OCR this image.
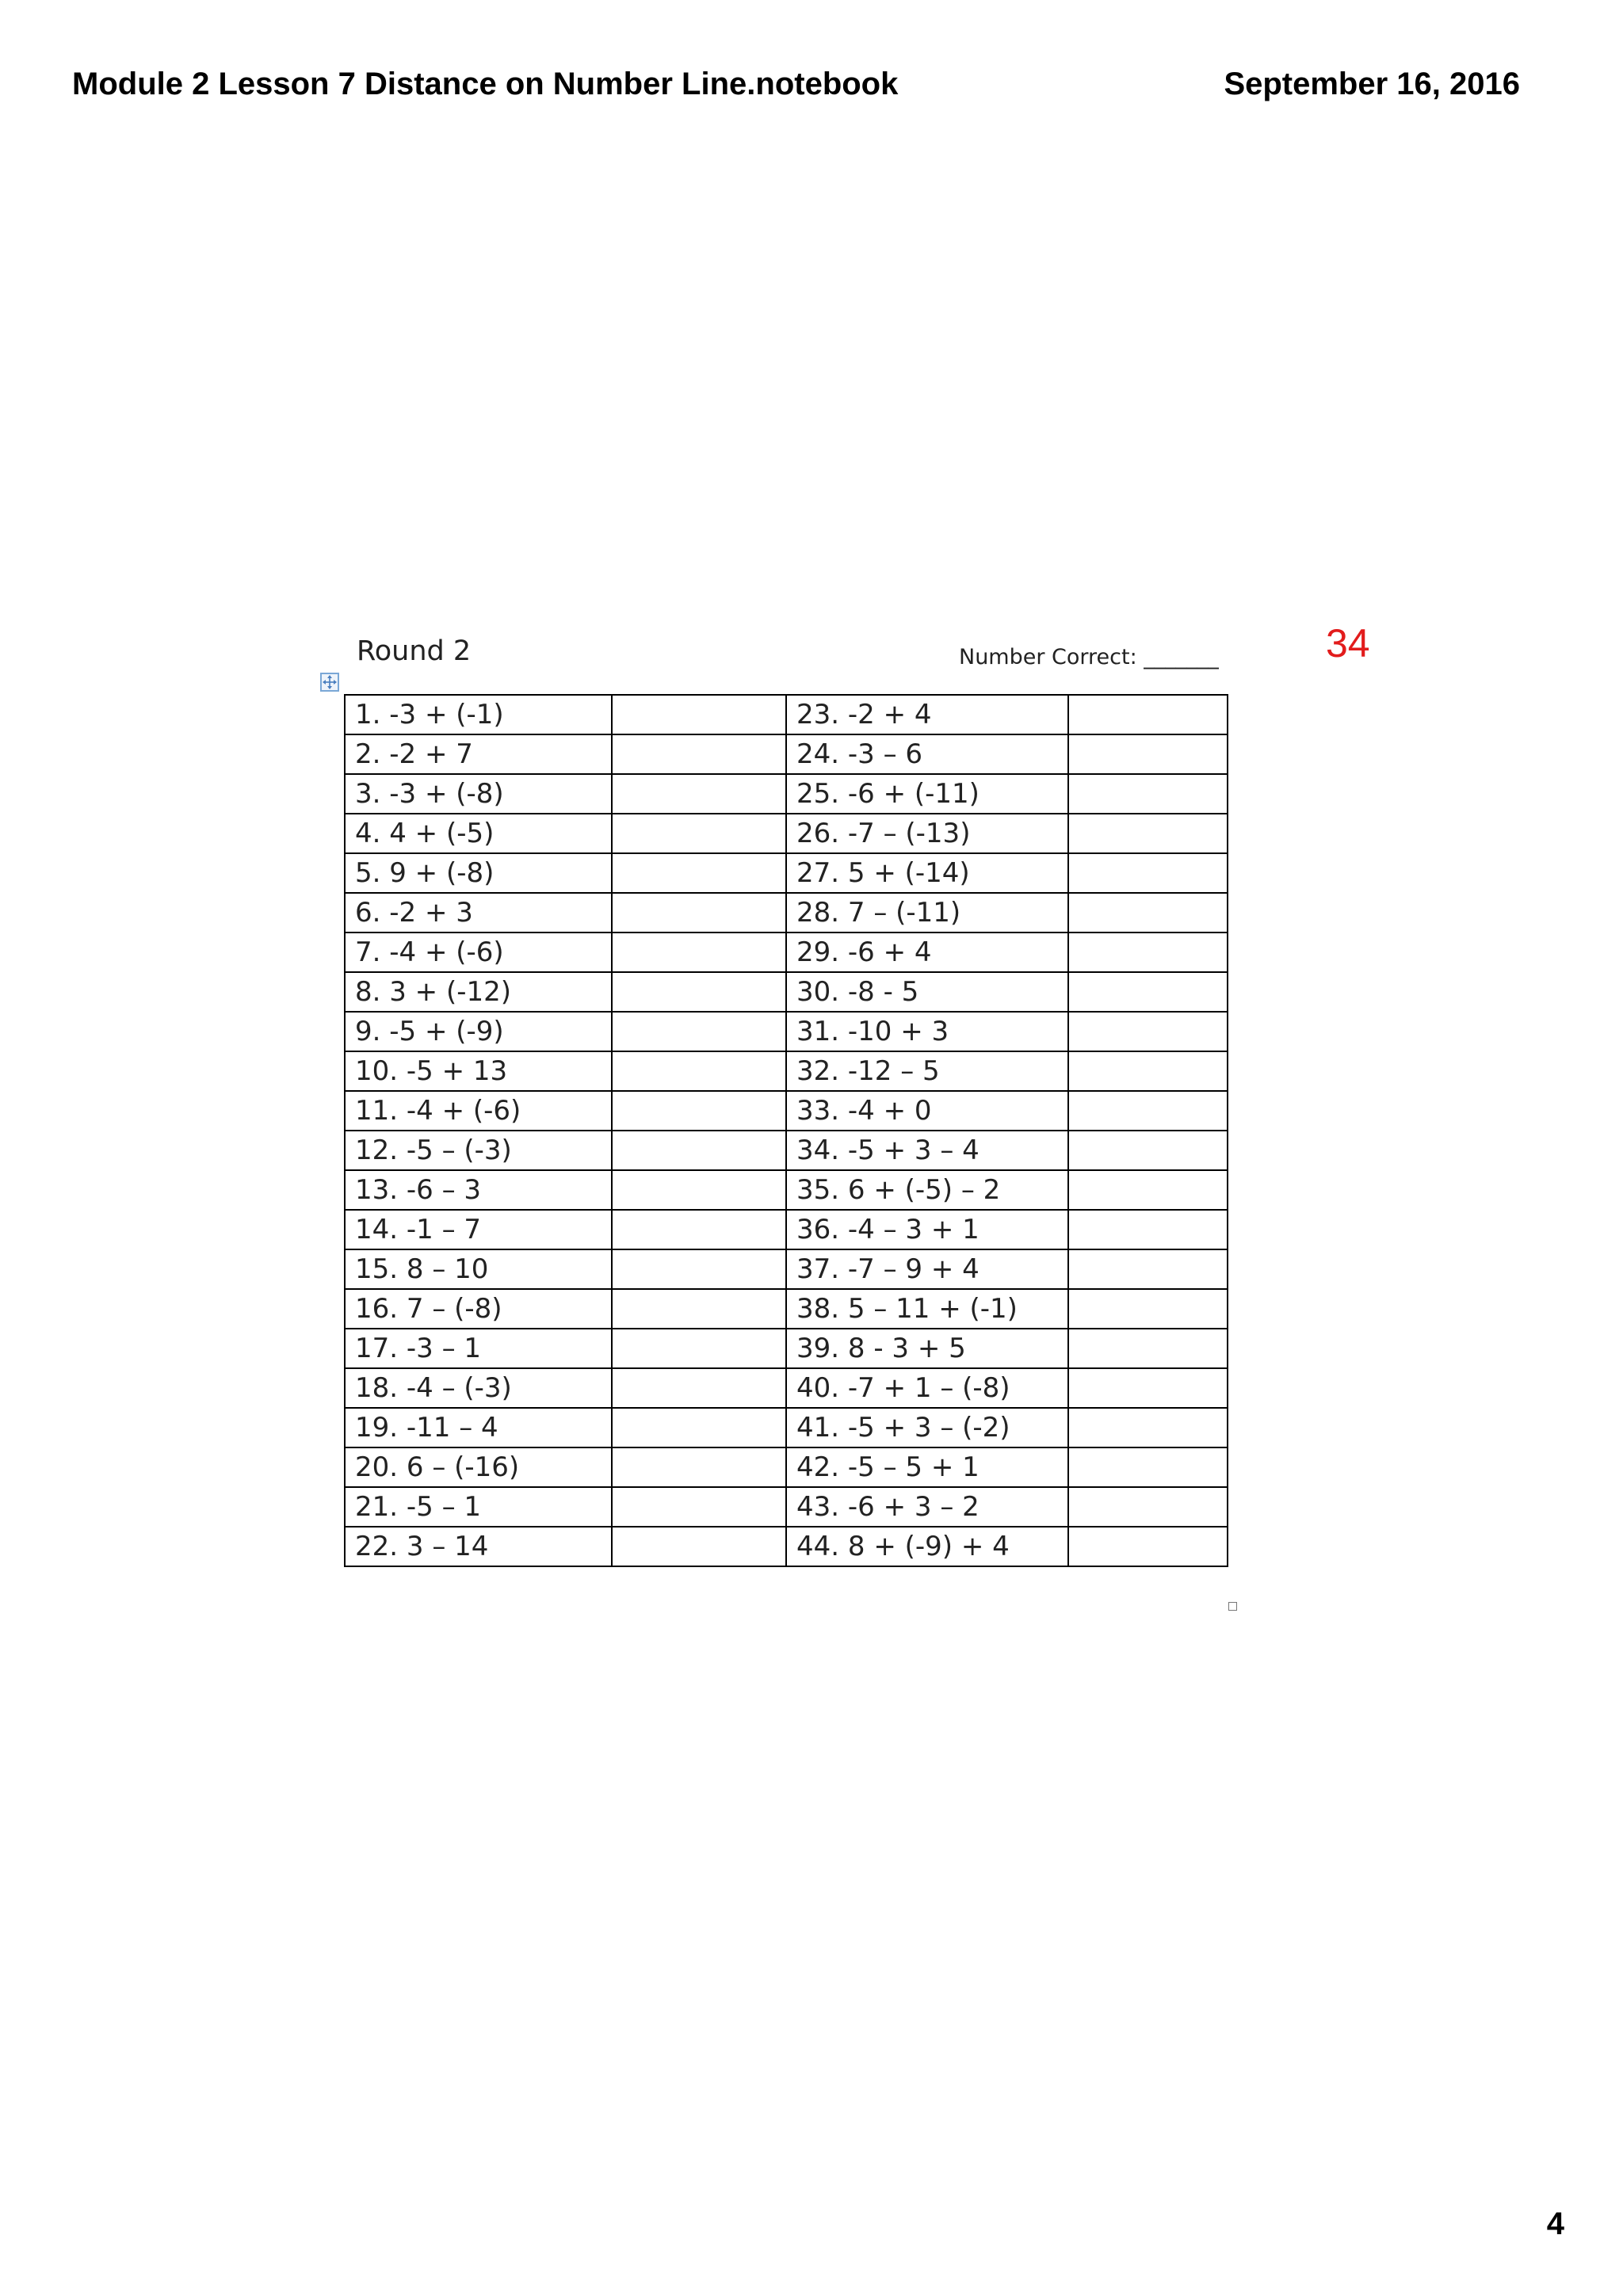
Module 2 Lesson 7 Distance on Number Line.notebook	September 16, 2016
34
Round 2	Number Correct: _______
1. -3 + (-1)		23. -2 + 4	
2. -2 + 7		24. -3 – 6	
3. -3 + (-8)		25. -6 + (-11)	
4. 4 + (-5)		26. -7 – (-13)	
5. 9 + (-8)		27. 5 + (-14)	
6. -2 + 3		28. 7 – (-11)	
7. -4 + (-6)		29. -6 + 4	
8. 3 + (-12)		30. -8 - 5	
9. -5 + (-9)		31. -10 + 3	
10. -5 + 13		32. -12 – 5	
11. -4 + (-6)		33. -4 + 0	
12. -5 – (-3)		34. -5 + 3 – 4	
13. -6 – 3		35. 6 + (-5) – 2	
14. -1 – 7		36. -4 – 3 + 1	
15. 8 – 10		37. -7 – 9 + 4	
16. 7 – (-8)		38. 5 – 11 + (-1)	
17. -3 – 1		39. 8 - 3 + 5	
18. -4 – (-3)		40. -7 + 1 – (-8)	
19. -11 – 4		41. -5 + 3 – (-2)	
20. 6 – (-16)		42. -5 – 5 + 1	
21. -5 – 1		43. -6 + 3 – 2	
22. 3 – 14		44. 8 + (-9) + 4	
4
